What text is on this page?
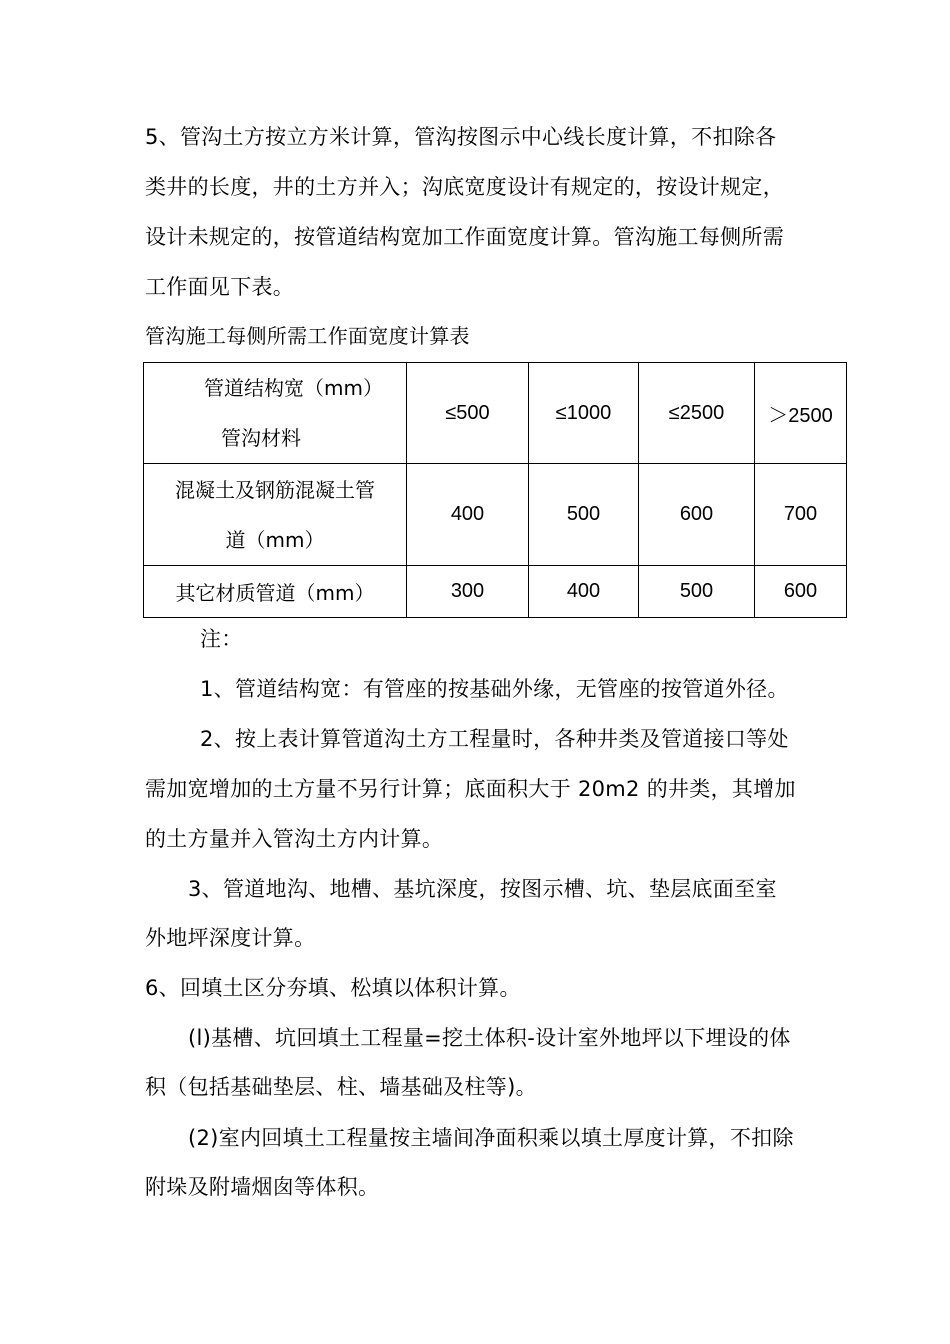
5、管沟土方按立方米计算，管沟按图示中心线长度计算，不扣除各
类井的长度，井的土方并入；沟底宽度设计有规定的，按设计规定，
设计未规定的，按管道结构宽加工作面宽度计算。管沟施工每侧所需
工作面见下表。
管沟施工每侧所需工作面宽度计算表
管道结构宽（mm）
管沟材料	≤500	≤1000	≤2500	＞2500

混凝土及钢筋混凝土管
道（mm）	400	500	600	700
其它材质管道（mm）	300	400	500	600
注：
1、管道结构宽：有管座的按基础外缘，无管座的按管道外径。
2、按上表计算管道沟土方工程量时，各种井类及管道接口等处
需加宽增加的土方量不另行计算；底面积大于 20m2 的井类，其增加
的土方量并入管沟土方内计算。
3、管道地沟、地槽、基坑深度，按图示槽、坑、垫层底面至室
外地坪深度计算。
6、回填土区分夯填、松填以体积计算。
(l)基槽、坑回填土工程量=挖土体积-设计室外地坪以下埋设的体
积（包括基础垫层、柱、墙基础及柱等)。
(2)室内回填土工程量按主墙间净面积乘以填土厚度计算，不扣除
附垛及附墙烟囱等体积。
